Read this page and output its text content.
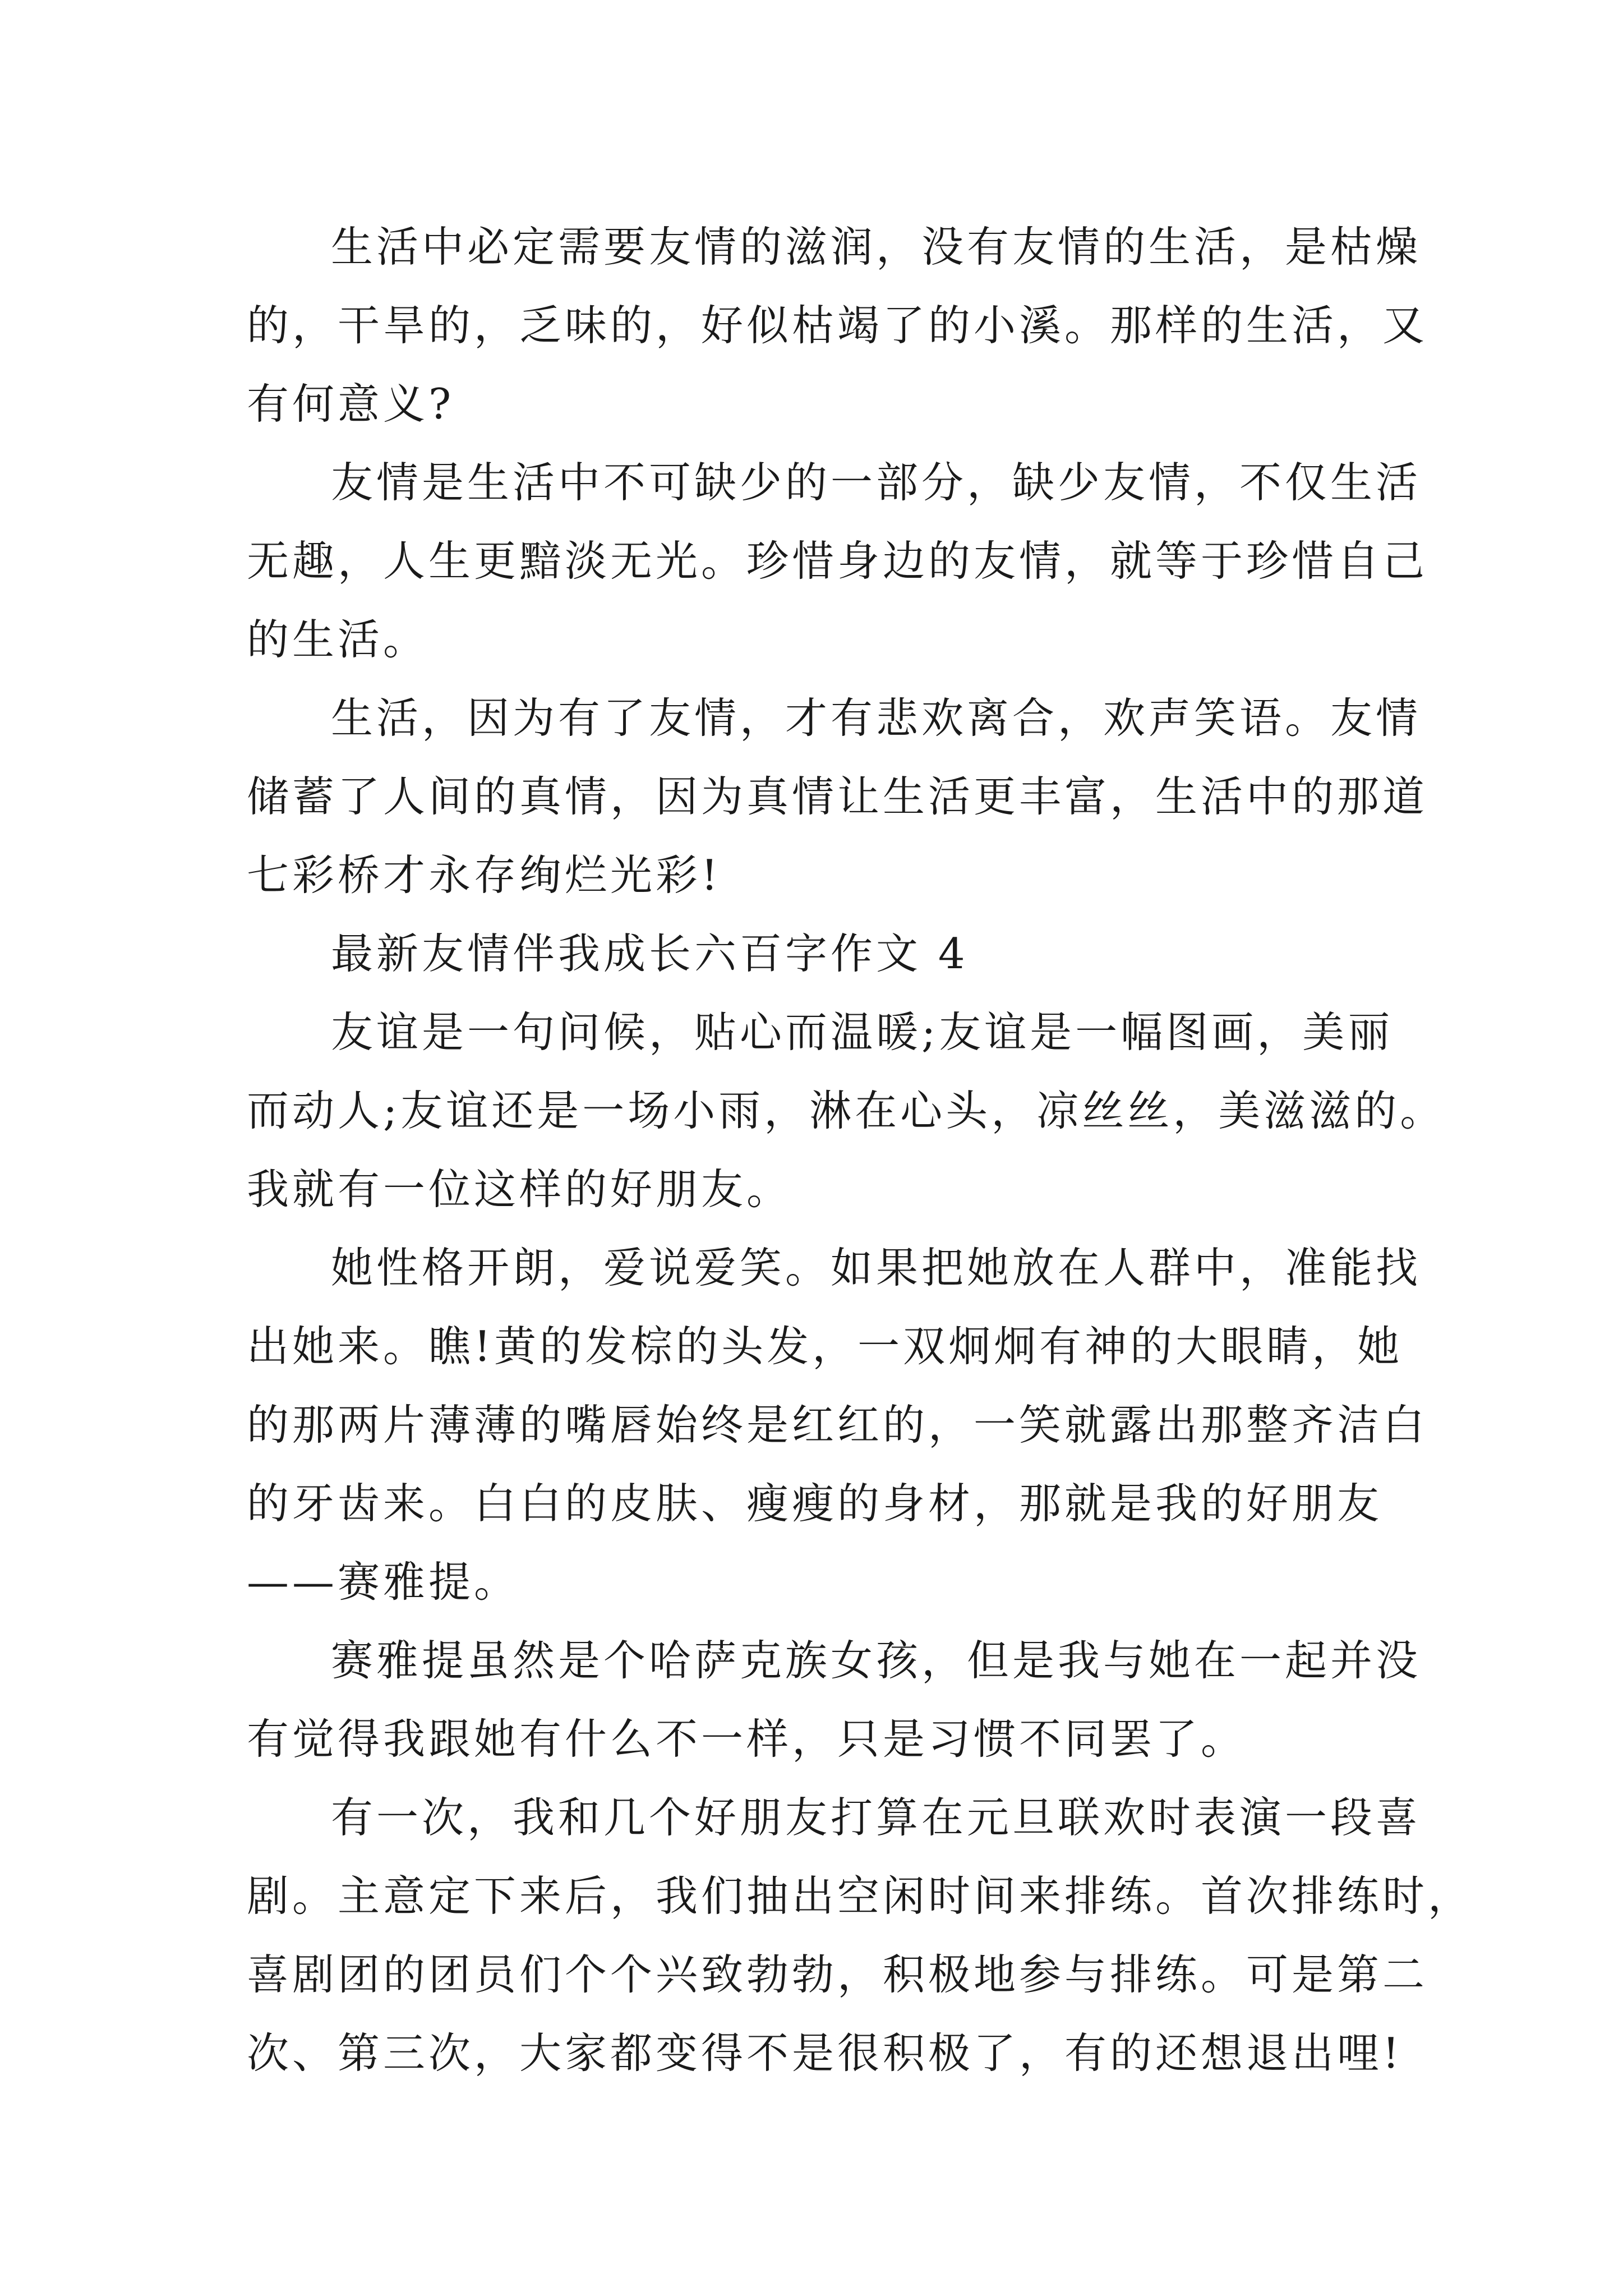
生活中必定需要友情的滋润，没有友情的生活，是枯燥
的，干旱的，乏味的，好似枯竭了的小溪。那样的生活，又
有何意义?
友情是生活中不可缺少的一部分，缺少友情，不仅生活
无趣，人生更黯淡无光。珍惜身边的友情，就等于珍惜自己
的生活。
生活，因为有了友情，才有悲欢离合，欢声笑语。友情
储蓄了人间的真情，因为真情让生活更丰富，生活中的那道
七彩桥才永存绚烂光彩!
最新友情伴我成长六百字作文 4
友谊是一句问候，贴心而温暖;友谊是一幅图画，美丽
而动人;友谊还是一场小雨，淋在心头，凉丝丝，美滋滋的。
我就有一位这样的好朋友。
她性格开朗，爱说爱笑。如果把她放在人群中，准能找
出她来。瞧!黄的发棕的头发，一双炯炯有神的大眼睛，她
的那两片薄薄的嘴唇始终是红红的，一笑就露出那整齐洁白
的牙齿来。白白的皮肤、瘦瘦的身材，那就是我的好朋友
——赛雅提。
赛雅提虽然是个哈萨克族女孩，但是我与她在一起并没
有觉得我跟她有什么不一样，只是习惯不同罢了。
有一次，我和几个好朋友打算在元旦联欢时表演一段喜
剧。主意定下来后，我们抽出空闲时间来排练。首次排练时，
喜剧团的团员们个个兴致勃勃，积极地参与排练。可是第二
次、第三次，大家都变得不是很积极了，有的还想退出哩!
